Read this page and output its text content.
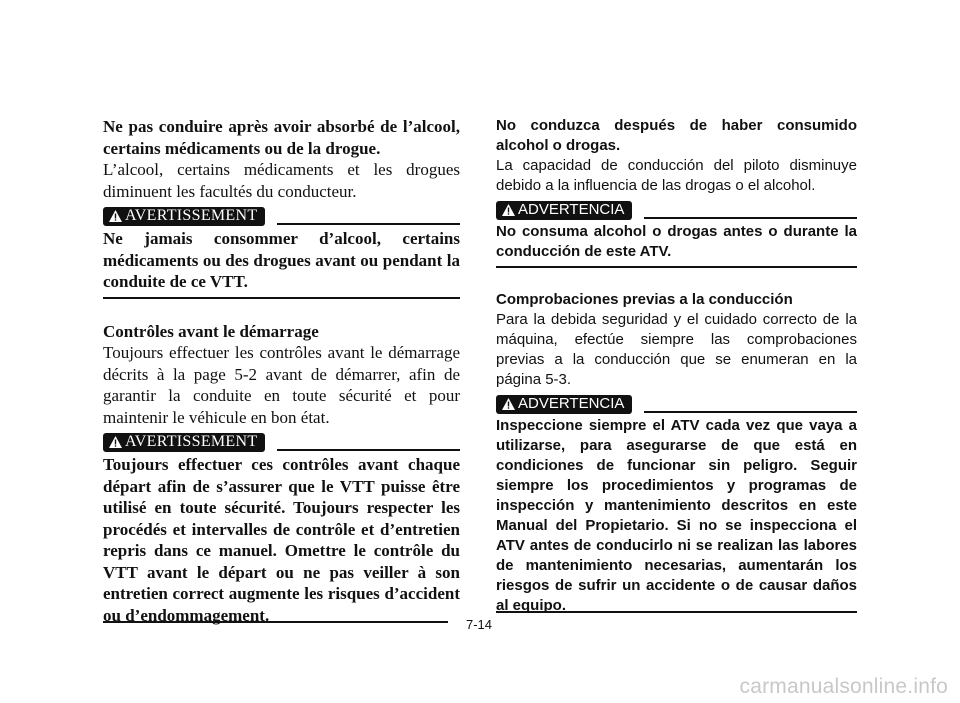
Ne pas conduire après avoir absorbé de l’alcool, certains médicaments ou de la drogue.

L’alcool, certains médicaments et les drogues diminuent les facultés du conducteur.

AVERTISSEMENT

Ne jamais consommer d’alcool, certains médicaments ou des drogues avant ou pendant la conduite de ce VTT.

Contrôles avant le démarrage

Toujours effectuer les contrôles avant le démarrage décrits à la page 5-2 avant de démarrer, afin de garantir la conduite en toute sécurité et pour maintenir le véhicule en bon état.

AVERTISSEMENT

Toujours effectuer ces contrôles avant chaque départ afin de s’assurer que le VTT puisse être utilisé en toute sécurité. Toujours respecter les procédés et intervalles de contrôle et d’entretien repris dans ce manuel. Omettre le contrôle du VTT avant le départ ou ne pas veiller à son entretien correct augmente les risques d’accident ou d’endommagement.

No conduzca después de haber consumido alcohol o drogas.

La capacidad de conducción del piloto disminuye debido a la influencia de las drogas o el alcohol.

ADVERTENCIA

No consuma alcohol o drogas antes o durante la conducción de este ATV.

Comprobaciones previas a la conducción

Para la debida seguridad y el cuidado correcto de la máquina, efectúe siempre las comprobaciones previas a la conducción que se enumeran en la página 5-3.

ADVERTENCIA

Inspeccione siempre el ATV cada vez que vaya a utilizarse, para asegurarse de que está en condiciones de funcionar sin peligro. Seguir siempre los procedimientos y programas de inspección y mantenimiento descritos en este Manual del Propietario. Si no se inspecciona el ATV antes de conducirlo ni se realizan las labores de mantenimiento necesarias, aumentarán los riesgos de sufrir un accidente o de causar daños al equipo.

7-14
carmanualsonline.info
